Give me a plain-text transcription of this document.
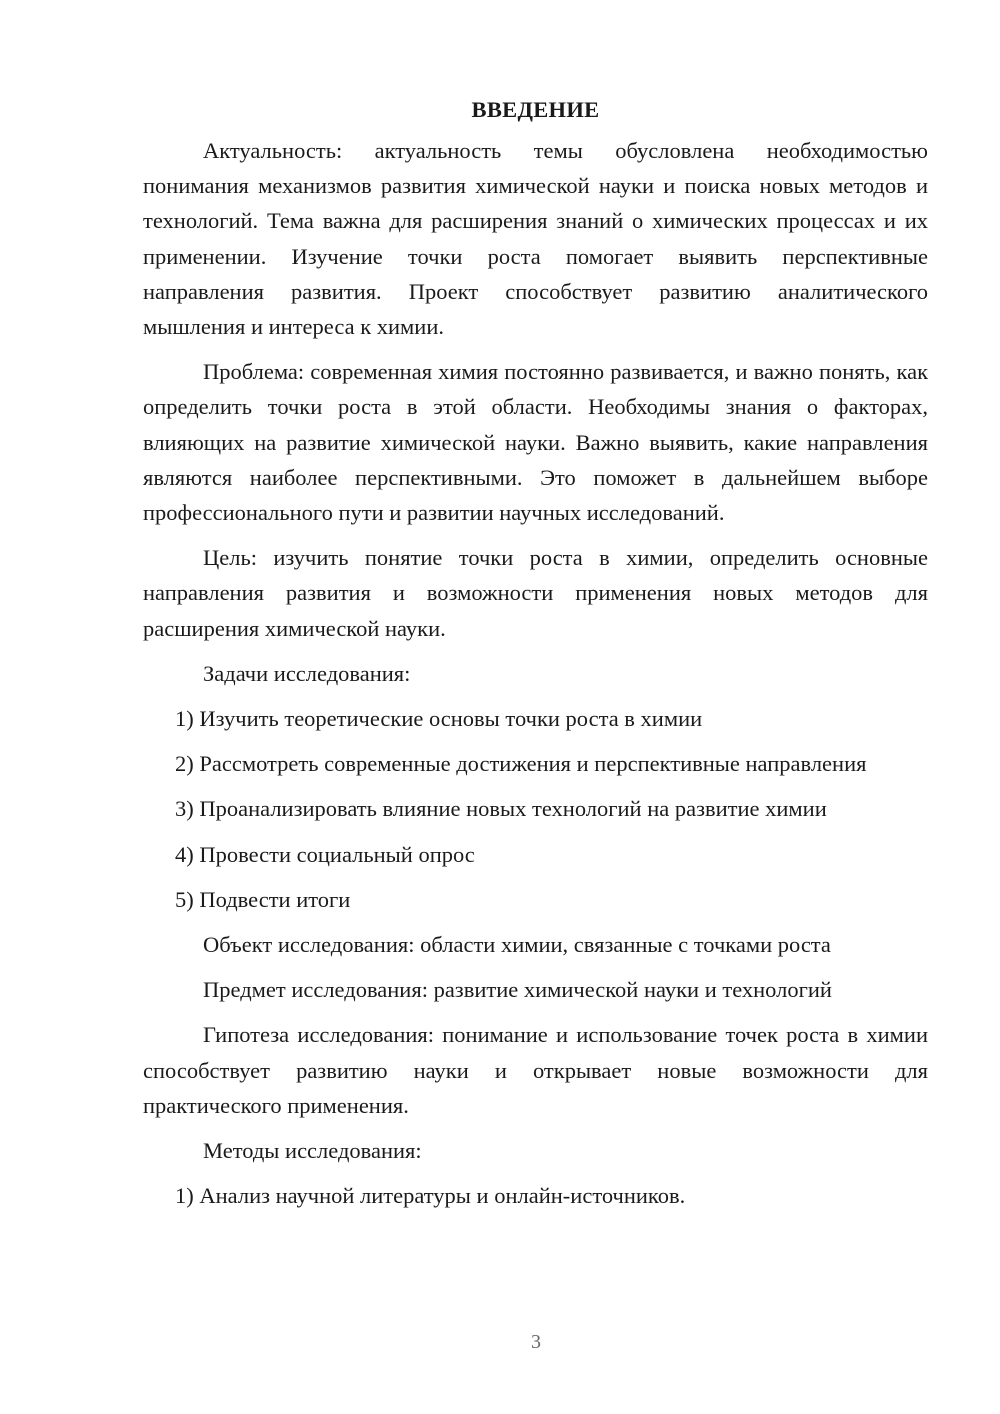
ВВЕДЕНИЕ

Актуальность: актуальность темы обусловлена необходимостью понимания механизмов развития химической науки и поиска новых методов и технологий. Тема важна для расширения знаний о химических процессах и их применении. Изучение точки роста помогает выявить перспективные направления развития. Проект способствует развитию аналитического мышления и интереса к химии.

Проблема: современная химия постоянно развивается, и важно понять, как определить точки роста в этой области. Необходимы знания о факторах, влияющих на развитие химической науки. Важно выявить, какие направления являются наиболее перспективными. Это поможет в дальнейшем выборе профессионального пути и развитии научных исследований.

Цель: изучить понятие точки роста в химии, определить основные направления развития и возможности применения новых методов для расширения химической науки.

Задачи исследования:

1) Изучить теоретические основы точки роста в химии

2) Рассмотреть современные достижения и перспективные направления

3) Проанализировать влияние новых технологий на развитие химии

4) Провести социальный опрос

5) Подвести итоги

Объект исследования: области химии, связанные с точками роста

Предмет исследования: развитие химической науки и технологий

Гипотеза исследования: понимание и использование точек роста в химии способствует развитию науки и открывает новые возможности для практического применения.

Методы исследования:

1) Анализ научной литературы и онлайн-источников.

3
